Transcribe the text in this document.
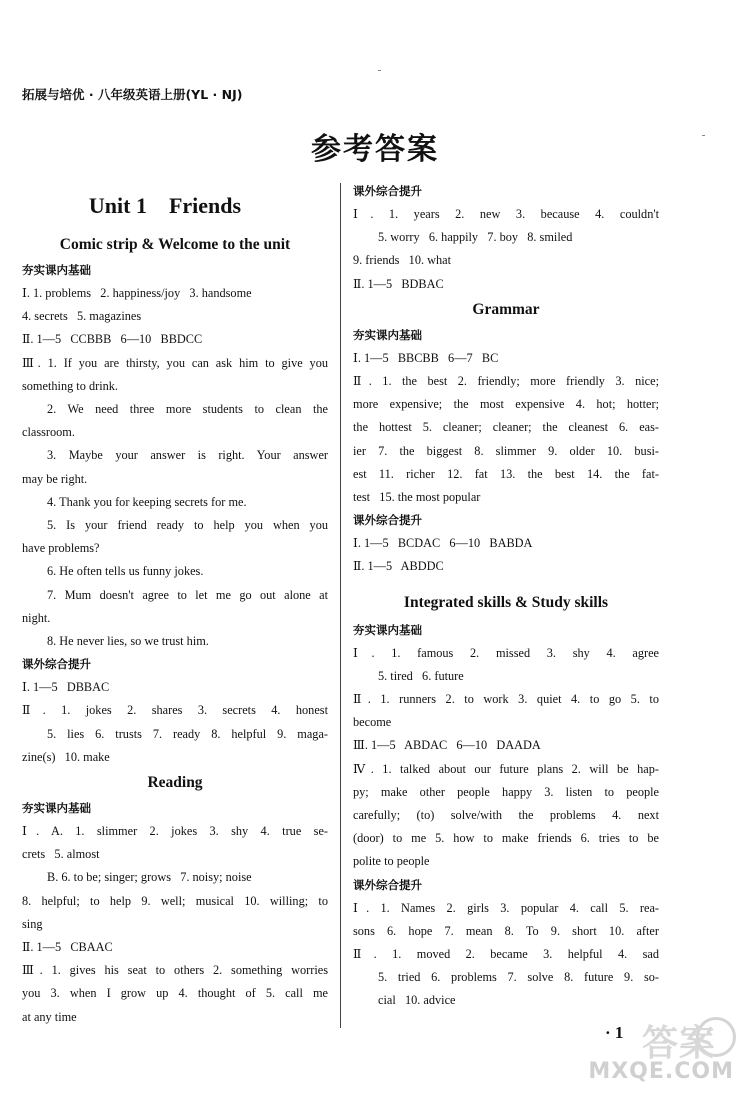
拓展与培优 · 八年级英语上册(YL · NJ)
参考答案
Unit 1    Friends
Comic strip & Welcome to the unit
夯实课内基础
Ⅰ. 1. problems   2. happiness/joy   3. handsome
4. secrets   5. magazines
Ⅱ. 1—5   CCBBB   6—10   BBDCC
Ⅲ. 1. If you are thirsty, you can ask him to give you
something to drink.
2. We need three more students to clean the
classroom.
3. Maybe your answer is right. Your answer
may be right.
4. Thank you for keeping secrets for me.
5. Is your friend ready to help you when you
have problems?
6. He often tells us funny jokes.
7. Mum doesn't agree to let me go out alone at
night.
8. He never lies, so we trust him.
课外综合提升
Ⅰ. 1—5   DBBAC
Ⅱ. 1. jokes 2. shares 3. secrets 4. honest
5. lies 6. trusts 7. ready 8. helpful 9. maga-
zine(s)   10. make
Reading
夯实课内基础
Ⅰ. A. 1. slimmer 2. jokes 3. shy 4. true se-
crets   5. almost
B. 6. to be; singer; grows   7. noisy; noise
8. helpful; to help 9. well; musical 10. willing; to
sing
Ⅱ. 1—5   CBAAC
Ⅲ. 1. gives his seat to others 2. something worries
you 3. when I grow up 4. thought of 5. call me
at any time
课外综合提升
Ⅰ. 1. years 2. new 3. because 4. couldn't
5. worry   6. happily   7. boy   8. smiled
9. friends   10. what
Ⅱ. 1—5   BDBAC
Grammar
夯实课内基础
Ⅰ. 1—5   BBCBB   6—7   BC
Ⅱ. 1. the best 2. friendly; more friendly 3. nice;
more expensive; the most expensive 4. hot; hotter;
the hottest 5. cleaner; cleaner; the cleanest 6. eas-
ier 7. the biggest 8. slimmer 9. older 10. busi-
est 11. richer 12. fat 13. the best 14. the fat-
test   15. the most popular
课外综合提升
Ⅰ. 1—5   BCDAC   6—10   BABDA
Ⅱ. 1—5   ABDDC
Integrated skills & Study skills
夯实课内基础
Ⅰ. 1. famous 2. missed 3. shy 4. agree
5. tired   6. future
Ⅱ. 1. runners 2. to work 3. quiet 4. to go 5. to
become
Ⅲ. 1—5   ABDAC   6—10   DAADA
Ⅳ. 1. talked about our future plans 2. will be hap-
py; make other people happy 3. listen to people
carefully; (to) solve/with the problems 4. next
(door) to me 5. how to make friends 6. tries to be
polite to people
课外综合提升
Ⅰ. 1. Names 2. girls 3. popular 4. call 5. rea-
sons 6. hope 7. mean 8. To 9. short 10. after
Ⅱ. 1. moved 2. became 3. helpful 4. sad
5. tried 6. problems 7. solve 8. future 9. so-
cial   10. advice
· 1 答案
MXQE.COM
